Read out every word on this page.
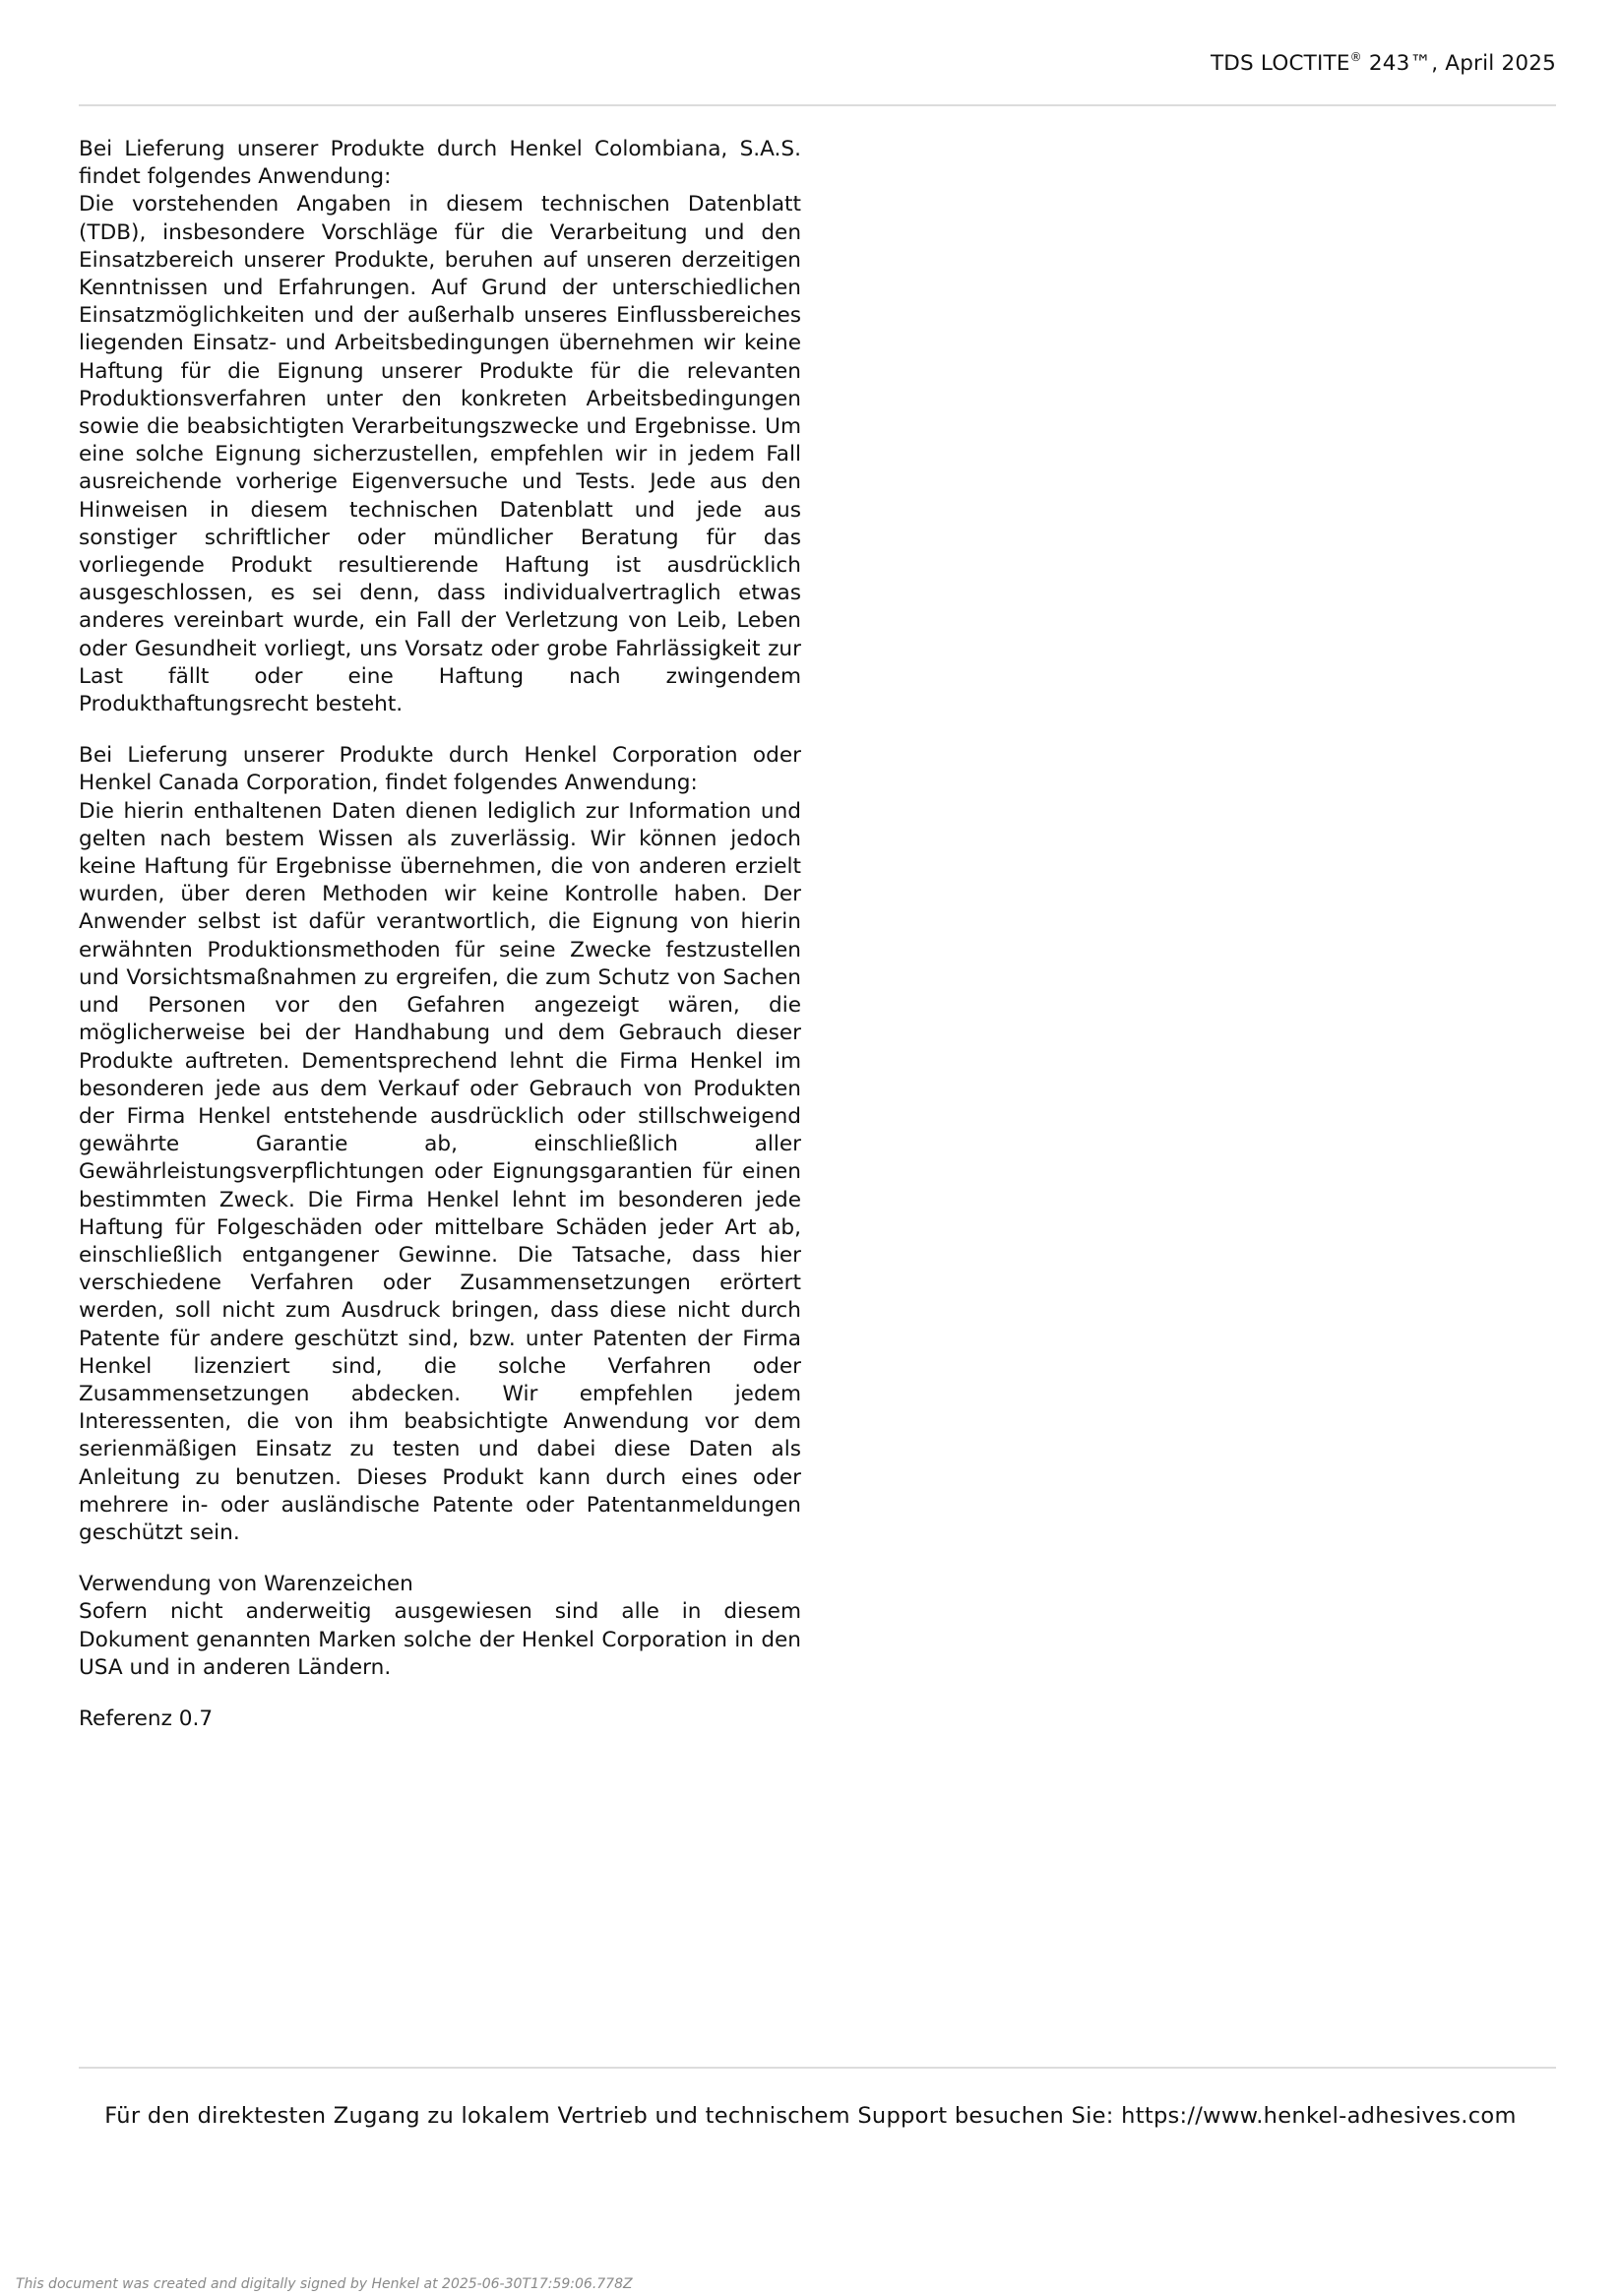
TDS LOCTITE® 243™, April 2025

Bei Lieferung unserer Produkte durch Henkel Colombiana, S.A.S. findet folgendes Anwendung:

Die vorstehenden Angaben in diesem technischen Datenblatt (TDB), insbesondere Vorschläge für die Verarbeitung und den Einsatzbereich unserer Produkte, beruhen auf unseren derzeitigen Kenntnissen und Erfahrungen. Auf Grund der unterschiedlichen Einsatzmöglichkeiten und der außerhalb unseres Einflussbereiches liegenden Einsatz- und Arbeitsbedingungen übernehmen wir keine Haftung für die Eignung unserer Produkte für die relevanten Produktionsverfahren unter den konkreten Arbeitsbedingungen sowie die beabsichtigten Verarbeitungszwecke und Ergebnisse. Um eine solche Eignung sicherzustellen, empfehlen wir in jedem Fall ausreichende vorherige Eigenversuche und Tests. Jede aus den Hinweisen in diesem technischen Datenblatt und jede aus sonstiger schriftlicher oder mündlicher Beratung für das vorliegende Produkt resultierende Haftung ist ausdrücklich ausgeschlossen, es sei denn, dass individualvertraglich etwas anderes vereinbart wurde, ein Fall der Verletzung von Leib, Leben oder Gesundheit vorliegt, uns Vorsatz oder grobe Fahrlässigkeit zur Last fällt oder eine Haftung nach zwingendem Produkthaftungsrecht besteht.

Bei Lieferung unserer Produkte durch Henkel Corporation oder Henkel Canada Corporation, findet folgendes Anwendung:

Die hierin enthaltenen Daten dienen lediglich zur Information und gelten nach bestem Wissen als zuverlässig. Wir können jedoch keine Haftung für Ergebnisse übernehmen, die von anderen erzielt wurden, über deren Methoden wir keine Kontrolle haben. Der Anwender selbst ist dafür verantwortlich, die Eignung von hierin erwähnten Produktionsmethoden für seine Zwecke festzustellen und Vorsichtsmaßnahmen zu ergreifen, die zum Schutz von Sachen und Personen vor den Gefahren angezeigt wären, die möglicherweise bei der Handhabung und dem Gebrauch dieser Produkte auftreten. Dementsprechend lehnt die Firma Henkel im besonderen jede aus dem Verkauf oder Gebrauch von Produkten der Firma Henkel entstehende ausdrücklich oder stillschweigend gewährte Garantie ab, einschließlich aller Gewährleistungsverpflichtungen oder Eignungsgarantien für einen bestimmten Zweck. Die Firma Henkel lehnt im besonderen jede Haftung für Folgeschäden oder mittelbare Schäden jeder Art ab, einschließlich entgangener Gewinne. Die Tatsache, dass hier verschiedene Verfahren oder Zusammensetzungen erörtert werden, soll nicht zum Ausdruck bringen, dass diese nicht durch Patente für andere geschützt sind, bzw. unter Patenten der Firma Henkel lizenziert sind, die solche Verfahren oder Zusammensetzungen abdecken. Wir empfehlen jedem Interessenten, die von ihm beabsichtigte Anwendung vor dem serienmäßigen Einsatz zu testen und dabei diese Daten als Anleitung zu benutzen. Dieses Produkt kann durch eines oder mehrere in- oder ausländische Patente oder Patentanmeldungen geschützt sein.

Verwendung von Warenzeichen

Sofern nicht anderweitig ausgewiesen sind alle in diesem Dokument genannten Marken solche der Henkel Corporation in den USA und in anderen Ländern.

Referenz 0.7

Für den direktesten Zugang zu lokalem Vertrieb und technischem Support besuchen Sie: https://www.henkel-adhesives.com
This document was created and digitally signed by Henkel at 2025-06-30T17:59:06.778Z
